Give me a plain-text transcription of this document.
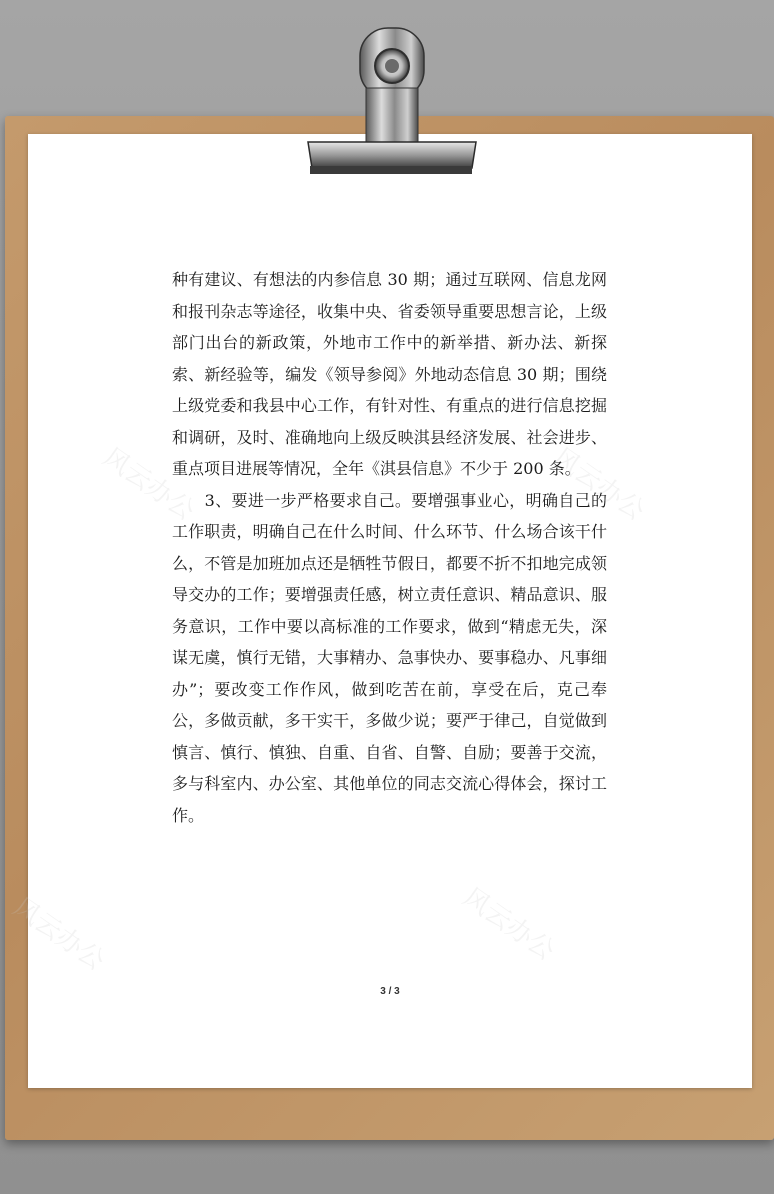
种有建议、有想法的内参信息 30 期；通过互联网、信息龙网和报刊杂志等途径，收集中央、省委领导重要思想言论，上级部门出台的新政策，外地市工作中的新举措、新办法、新探索、新经验等，编发《领导参阅》外地动态信息 30 期；围绕上级党委和我县中心工作，有针对性、有重点的进行信息挖掘和调研，及时、准确地向上级反映淇县经济发展、社会进步、重点项目进展等情况，全年《淇县信息》不少于 200 条。

　　3、要进一步严格要求自己。要增强事业心，明确自己的工作职责，明确自己在什么时间、什么环节、什么场合该干什么，不管是加班加点还是牺牲节假日，都要不折不扣地完成领导交办的工作；要增强责任感，树立责任意识、精品意识、服务意识，工作中要以高标准的工作要求，做到“精虑无失，深谋无虞，慎行无错，大事精办、急事快办、要事稳办、凡事细办”；要改变工作作风，做到吃苦在前，享受在后，克己奉公，多做贡献，多干实干，多做少说；要严于律己，自觉做到慎言、慎行、慎独、自重、自省、自警、自励；要善于交流，多与科室内、办公室、其他单位的同志交流心得体会，探讨工作。

风云办公	风云办公
风云办公	风云办公
3 / 3
